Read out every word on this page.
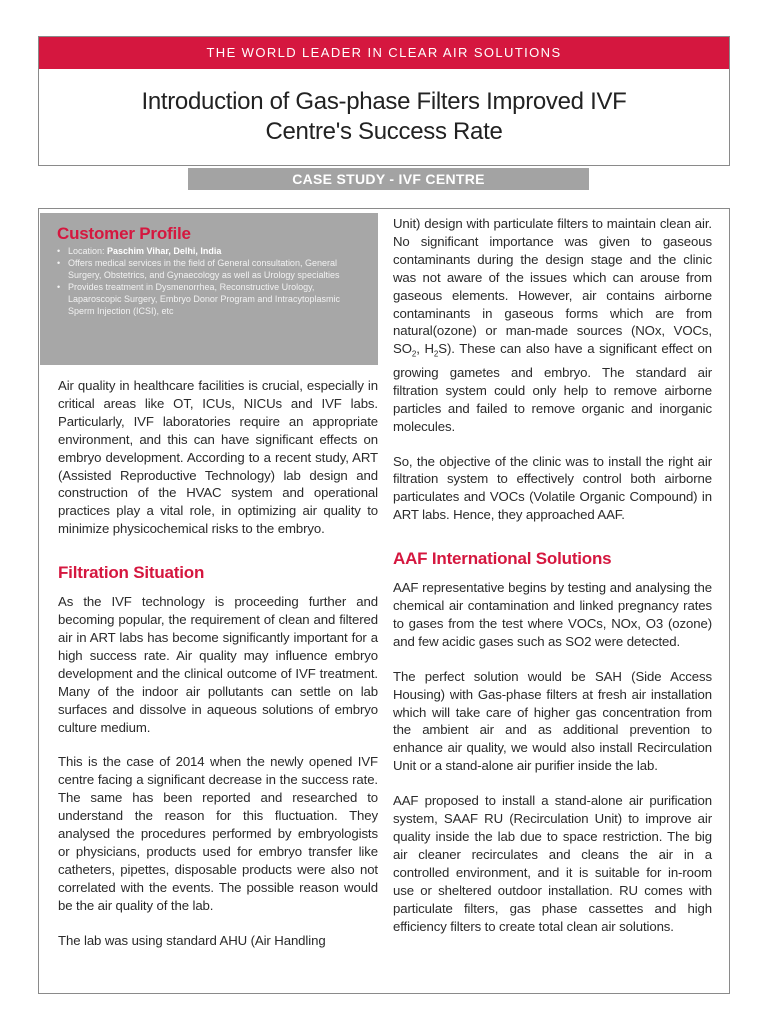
THE WORLD LEADER IN CLEAR AIR SOLUTIONS
Introduction of Gas-phase Filters Improved IVF
Centre's Success Rate
CASE STUDY - IVF CENTRE
Customer Profile
• Location: Paschim Vihar, Delhi, India
• Offers medical services in the field of General consultation, General Surgery, Obstetrics, and Gynaecology as well as Urology specialties
• Provides treatment in Dysmenorrhea, Reconstructive Urology, Laparoscopic Surgery, Embryo Donor Program and Intracytoplasmic Sperm Injection (ICSI), etc

Air quality in healthcare facilities is crucial, especially in critical areas like OT, ICUs, NICUs and IVF labs. Particularly, IVF laboratories require an appropriate environment, and this can have significant effects on embryo development. According to a recent study, ART (Assisted Reproductive Technology) lab design and construction of the HVAC system and operational practices play a vital role, in optimizing air quality to minimize physicochemical risks to the embryo.

Filtration Situation

As the IVF technology is proceeding further and becoming popular, the requirement of clean and filtered air in ART labs has become significantly important for a high success rate. Air quality may influence embryo development and the clinical outcome of IVF treatment. Many of the indoor air pollutants can settle on lab surfaces and dissolve in aqueous solutions of embryo culture medium.

This is the case of 2014 when the newly opened IVF centre facing a significant decrease in the success rate. The same has been reported and researched to understand the reason for this fluctuation. They analysed the procedures performed by embryologists or physicians, products used for embryo transfer like catheters, pipettes, disposable products were also not correlated with the events. The possible reason would be the air quality of the lab.

The lab was using standard AHU (Air Handling

Unit) design with particulate filters to maintain clean air. No significant importance was given to gaseous contaminants during the design stage and the clinic was not aware of the issues which can arouse from gaseous elements. However, air contains airborne contaminants in gaseous forms which are from natural(ozone) or man-made sources (NOx, VOCs, $SO_2$, $H_2S$). These can also have a significant effect on growing gametes and embryo. The standard air filtration system could only help to remove airborne particles and failed to remove organic and inorganic molecules.

So, the objective of the clinic was to install the right air filtration system to effectively control both airborne particulates and VOCs (Volatile Organic Compound) in ART labs. Hence, they approached AAF.

AAF International Solutions

AAF representative begins by testing and analysing the chemical air contamination and linked pregnancy rates to gases from the test where VOCs, NOx, O3 (ozone) and few acidic gases such as SO2 were detected.

The perfect solution would be SAH (Side Access Housing) with Gas-phase filters at fresh air installation which will take care of higher gas concentration from the ambient air and as additional prevention to enhance air quality, we would also install Recirculation Unit or a stand-alone air purifier inside the lab.

AAF proposed to install a stand-alone air purification system, SAAF RU (Recirculation Unit) to improve air quality inside the lab due to space restriction. The big air cleaner recirculates and cleans the air in a controlled environment, and it is suitable for in-room use or sheltered outdoor installation. RU comes with particulate filters, gas phase cassettes and high efficiency filters to create total clean air solutions.
